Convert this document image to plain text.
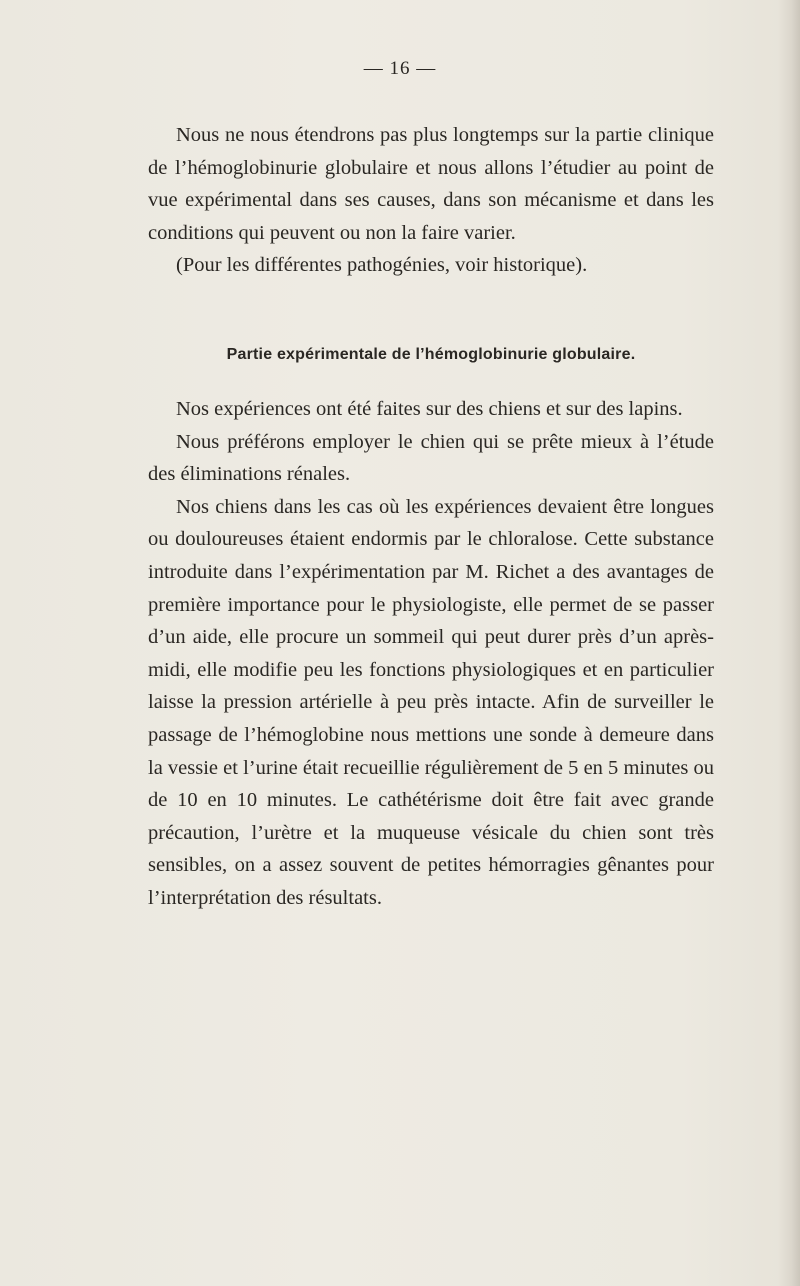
— 16 —

Nous ne nous étendrons pas plus longtemps sur la partie clinique de l’hémoglobinurie globulaire et nous allons l’étudier au point de vue expérimental dans ses causes, dans son mécanisme et dans les conditions qui peuvent ou non la faire varier.

(Pour les différentes pathogénies, voir historique).

Partie expérimentale de l’hémoglobinurie globulaire.

Nos expériences ont été faites sur des chiens et sur des lapins.

Nous préférons employer le chien qui se prête mieux à l’étude des éliminations rénales.

Nos chiens dans les cas où les expériences devaient être longues ou douloureuses étaient endormis par le chloralose. Cette substance introduite dans l’expérimentation par M. Richet a des avantages de première importance pour le physiologiste, elle permet de se passer d’un aide, elle procure un sommeil qui peut durer près d’un après-midi, elle modifie peu les fonctions physiologiques et en particulier laisse la pression artérielle à peu près intacte. Afin de surveiller le passage de l’hémoglobine nous mettions une sonde à demeure dans la vessie et l’urine était recueillie régulièrement de 5 en 5 minutes ou de 10 en 10 minutes. Le cathétérisme doit être fait avec grande précaution, l’urètre et la muqueuse vésicale du chien sont très sensibles, on a assez souvent de petites hémorragies gênantes pour l’interprétation des résultats.
